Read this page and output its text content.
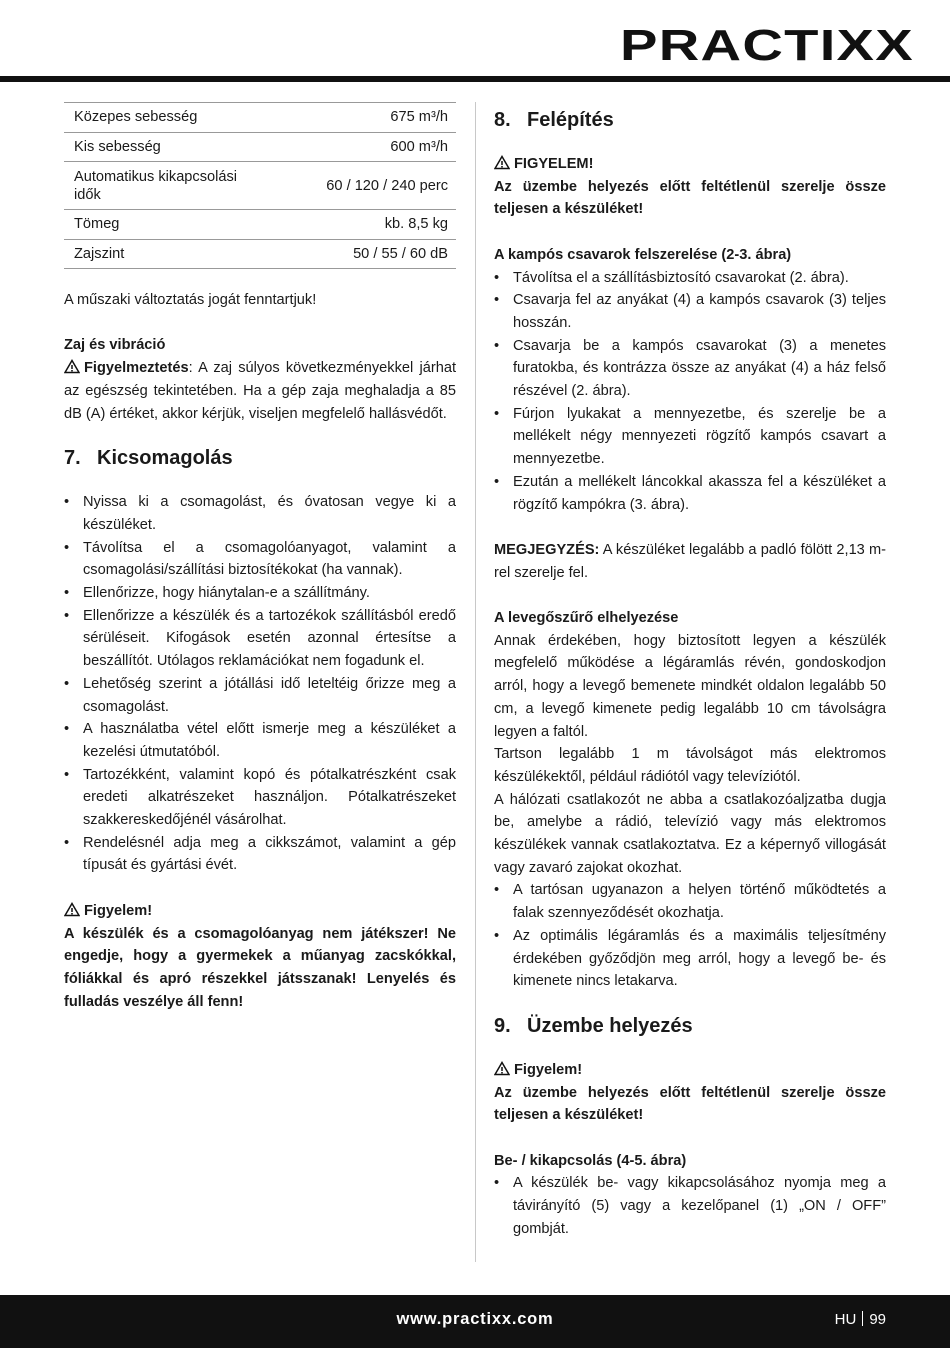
PRACTIXX
Közepes sebesség	675 m³/h
Kis sebesség	600 m³/h
Automatikus kikapcsolási idők	60 / 120 / 240 perc
Tömeg	kb. 8,5 kg
Zajszint	50 / 55 / 60 dB

A műszaki változtatás jogát fenntartjuk!

Zaj és vibráció

Figyelmeztetés: A zaj súlyos következményekkel járhat az egészség tekintetében. Ha a gép zaja meghaladja a 85 dB (A) értéket, akkor kérjük, viseljen megfelelő hallásvédőt.

7. Kicsomagolás
• Nyissa ki a csomagolást, és óvatosan vegye ki a készüléket.
• Távolítsa el a csomagolóanyagot, valamint a csomagolási/szállítási biztosítékokat (ha vannak).
• Ellenőrizze, hogy hiánytalan-e a szállítmány.
• Ellenőrizze a készülék és a tartozékok szállításból eredő sérüléseit. Kifogások esetén azonnal értesítse a beszállítót. Utólagos reklamációkat nem fogadunk el.
• Lehetőség szerint a jótállási idő leteltéig őrizze meg a csomagolást.
• A használatba vétel előtt ismerje meg a készüléket a kezelési útmutatóból.
• Tartozékként, valamint kopó és pótalkatrészként csak eredeti alkatrészeket használjon. Pótalkatrészeket szakkereskedőjénél vásárolhat.
• Rendelésnél adja meg a cikkszámot, valamint a gép típusát és gyártási évét.

Figyelem!

A készülék és a csomagolóanyag nem játékszer! Ne engedje, hogy a gyermekek a műanyag zacskókkal, fóliákkal és apró részekkel játsszanak! Lenyelés és fulladás veszélye áll fenn!

8. Felépítés

FIGYELEM!

Az üzembe helyezés előtt feltétlenül szerelje össze teljesen a készüléket!

A kampós csavarok felszerelése (2-3. ábra)

• Távolítsa el a szállításbiztosító csavarokat (2. ábra).
• Csavarja fel az anyákat (4) a kampós csavarok (3) teljes hosszán.
• Csavarja be a kampós csavarokat (3) a menetes furatokba, és kontrázza össze az anyákat (4) a ház felső részével (2. ábra).
• Fúrjon lyukakat a mennyezetbe, és szerelje be a mellékelt négy mennyezeti rögzítő kampós csavart a mennyezetbe.
• Ezután a mellékelt láncokkal akassza fel a készüléket a rögzítő kampókra (3. ábra).

MEGJEGYZÉS: A készüléket legalább a padló fölött 2,13 m-rel szerelje fel.

A levegőszűrő elhelyezése

Annak érdekében, hogy biztosított legyen a készülék megfelelő működése a légáramlás révén, gondoskodjon arról, hogy a levegő bemenete mindkét oldalon legalább 50 cm, a levegő kimenete pedig legalább 10 cm távolságra legyen a faltól.

Tartson legalább 1 m távolságot más elektromos készülékektől, például rádiótól vagy televíziótól.

A hálózati csatlakozót ne abba a csatlakozóaljzatba dugja be, amelybe a rádió, televízió vagy más elektromos készülékek vannak csatlakoztatva. Ez a képernyő villogását vagy zavaró zajokat okozhat.

• A tartósan ugyanazon a helyen történő működtetés a falak szennyeződését okozhatja.
• Az optimális légáramlás és a maximális teljesítmény érdekében győződjön meg arról, hogy a levegő be- és kimenete nincs letakarva.
9. Üzembe helyezés

Figyelem!

Az üzembe helyezés előtt feltétlenül szerelje össze teljesen a készüléket!

Be- / kikapcsolás (4-5. ábra)

• A készülék be- vagy kikapcsolásához nyomja meg a távirányító (5) vagy a kezelőpanel (1) „ON / OFF” gombját.
www.practixx.com	HU 99
